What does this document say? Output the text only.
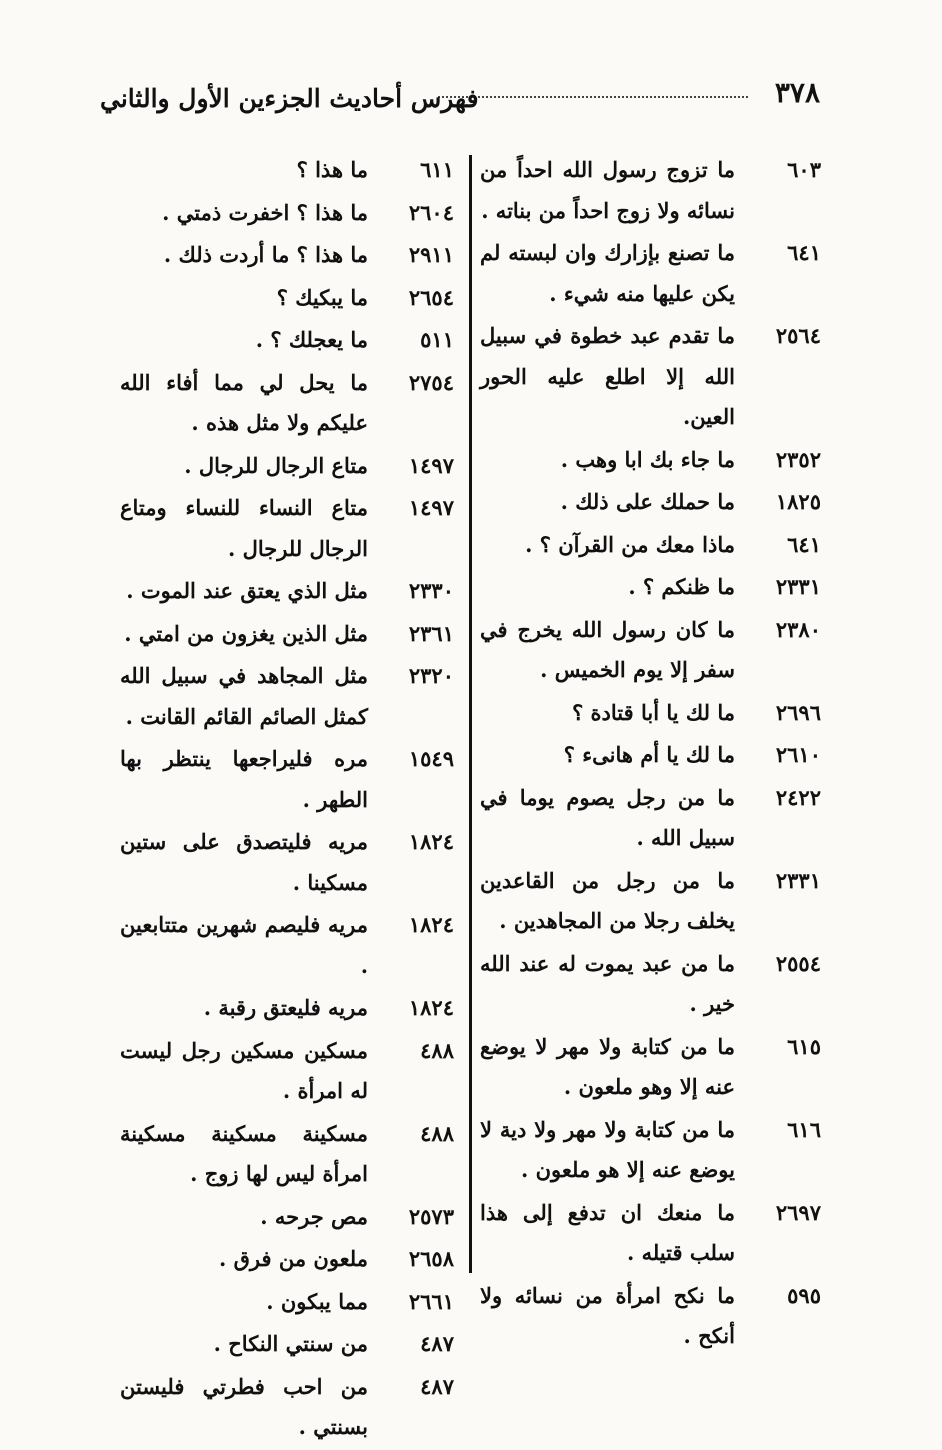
٣٧٨
فهرس أحاديث الجزءين الأول والثاني
٦٠٣
ما تزوج رسول الله احداً من نسائه ولا زوج احداً من بناته .
٦٤١
ما تصنع بإزارك وان لبسته لم يكن عليها منه شيء .
٢٥٦٤
ما تقدم عبد خطوة في سبيل الله إلا اطلع عليه الحور العين.
٢٣٥٢
ما جاء بك ابا وهب .
١٨٢٥
ما حملك على ذلك .
٦٤١
ماذا معك من القرآن ؟ .
٢٣٣١
ما ظنكم ؟ .
٢٣٨٠
ما كان رسول الله يخرج في سفر إلا يوم الخميس .
٢٦٩٦
ما لك يا أبا قتادة ؟
٢٦١٠
ما لك يا أم هانىء ؟
٢٤٢٢
ما من رجل يصوم يوما في سبيل الله .
٢٣٣١
ما من رجل من القاعدين يخلف رجلا من المجاهدين .
٢٥٥٤
ما من عبد يموت له عند الله خير .
٦١٥
ما من كتابة ولا مهر لا يوضع عنه إلا وهو ملعون .
٦١٦
ما من كتابة ولا مهر ولا دية لا يوضع عنه إلا هو ملعون .
٢٦٩٧
ما منعك ان تدفع إلى هذا سلب قتيله .
٥٩٥
ما نكح امرأة من نسائه ولا أنكح .
٦١١
ما هذا ؟
٢٦٠٤
ما هذا ؟ اخفرت ذمتي .
٢٩١١
ما هذا ؟ ما أردت ذلك .
٢٦٥٤
ما يبكيك ؟
٥١١
ما يعجلك ؟ .
٢٧٥٤
ما يحل لي مما أفاء الله عليكم ولا مثل هذه .
١٤٩٧
متاع الرجال للرجال .
١٤٩٧
متاع النساء للنساء ومتاع الرجال للرجال .
٢٣٣٠
مثل الذي يعتق عند الموت .
٢٣٦١
مثل الذين يغزون من امتي .
٢٣٢٠
مثل المجاهد في سبيل الله كمثل الصائم القائم القانت .
١٥٤٩
مره فليراجعها ينتظر بها الطهر .
١٨٢٤
مريه فليتصدق على ستين مسكينا .
١٨٢٤
مريه فليصم شهرين متتابعين .
١٨٢٤
مريه فليعتق رقبة .
٤٨٨
مسكين مسكين رجل ليست له امرأة .
٤٨٨
مسكينة مسكينة مسكينة امرأة ليس لها زوج .
٢٥٧٣
مص جرحه .
٢٦٥٨
ملعون من فرق .
٢٦٦١
مما يبكون .
٤٨٧
من سنتي النكاح .
٤٨٧
من احب فطرتي فليستن بسنتي .
